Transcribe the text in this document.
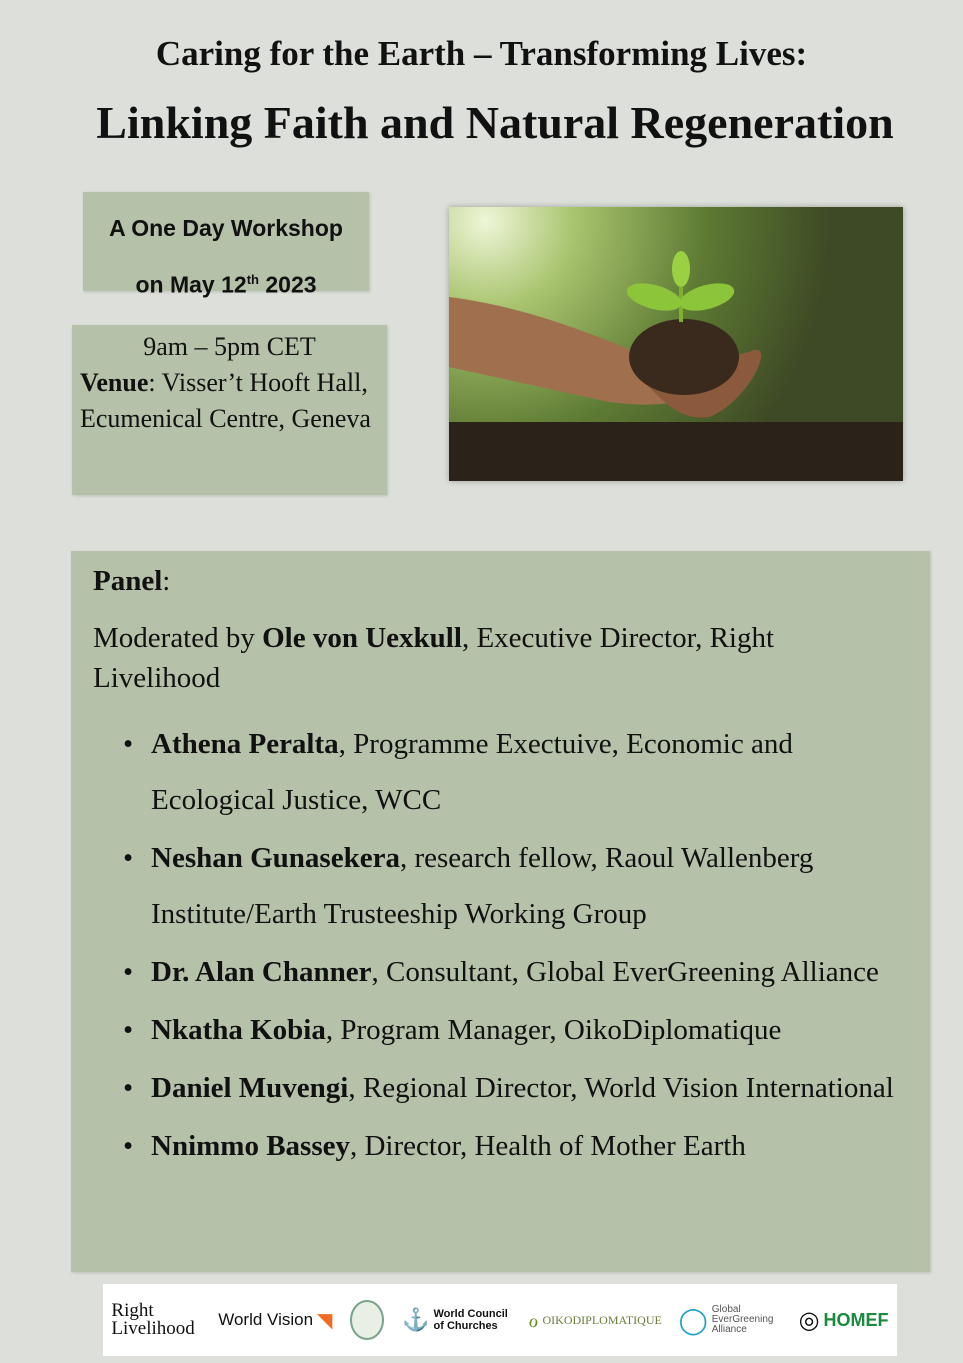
Caring for the Earth – Transforming Lives:
Linking Faith and Natural Regeneration
A One Day Workshop
on May 12th 2023
9am – 5pm CET
Venue: Visser’t Hooft Hall, Ecumenical Centre, Geneva
Panel:
Moderated by Ole von Uexkull, Executive Director, Right Livelihood
• Athena Peralta, Programme Exectuive, Economic and Ecological Justice, WCC
• Neshan Gunasekera, research fellow, Raoul Wallenberg Institute/Earth Trusteeship Working Group
• Dr. Alan Channer, Consultant, Global EverGreening Alliance
• Nkatha Kobia, Program Manager, OikoDiplomatique
• Daniel Muvengi, Regional Director, World Vision International
• Nnimmo Bassey, Director, Health of Mother Earth
Right Livelihood	World Vision ◥	⚓ World Council of Churches	ℴ OIKODIPLOMATIQUE ◯ Global EverGreening Alliance	◎ HOMEF
